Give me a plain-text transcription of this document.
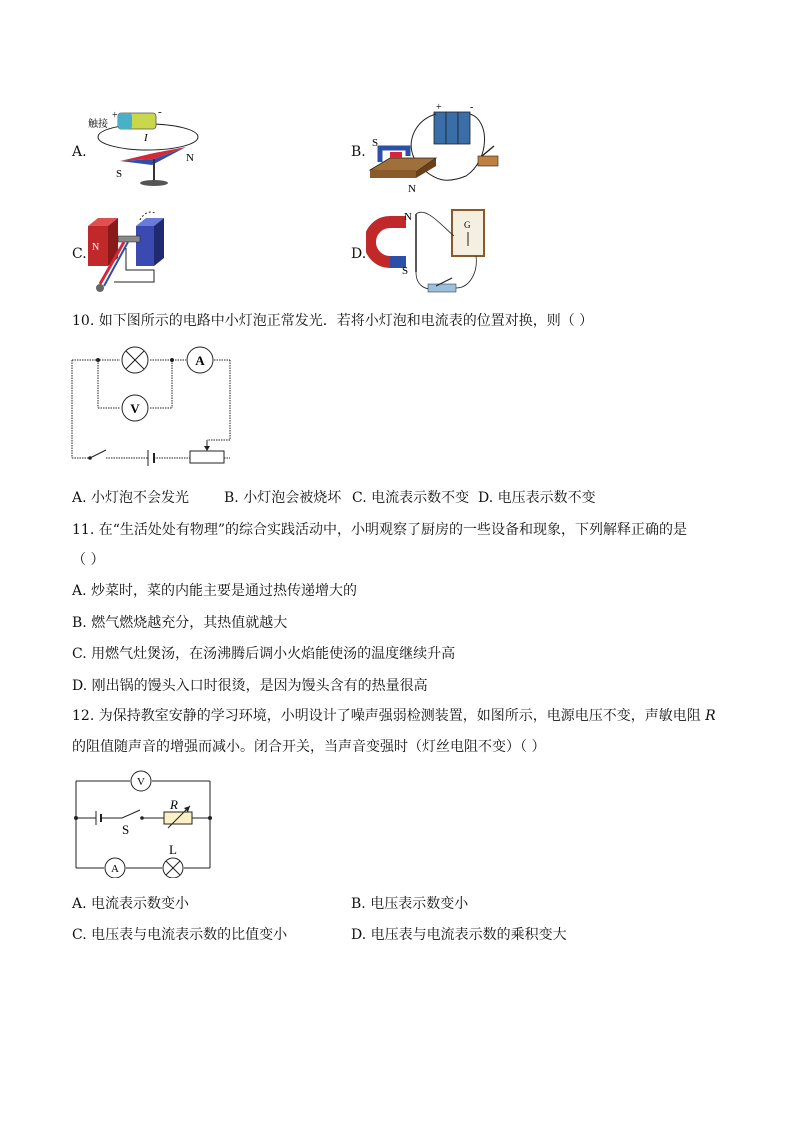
A.
触接
+	-
I
N
S
B.
+	-
S
N
C. N	D.
N
S
G
10. 如下图所示的电路中小灯泡正常发光．若将小灯泡和电流表的位置对换，则（ ）
A
V
A. 小灯泡不会发光 B. 小灯泡会被烧坏 C. 电流表示数不变 D. 电压表示数不变
11. 在“生活处处有物理”的综合实践活动中，小明观察了厨房的一些设备和现象，下列解释正确的是
（ ）
A. 炒菜时，菜的内能主要是通过热传递增大的
B. 燃气燃烧越充分，其热值就越大
C. 用燃气灶煲汤，在汤沸腾后调小火焰能使汤的温度继续升高
D. 刚出锅的馒头入口时很烫，是因为馒头含有的热量很高
12. 为保持教室安静的学习环境，小明设计了噪声强弱检测装置，如图所示，电源电压不变，声敏电阻 R
的阻值随声音的增强而减小。闭合开关，当声音变强时（灯丝电阻不变）（ ）
V
A
R
S
L
A. 电流表示数变小	B. 电压表示数变小
C. 电压表与电流表示数的比值变小	D. 电压表与电流表示数的乘积变大
